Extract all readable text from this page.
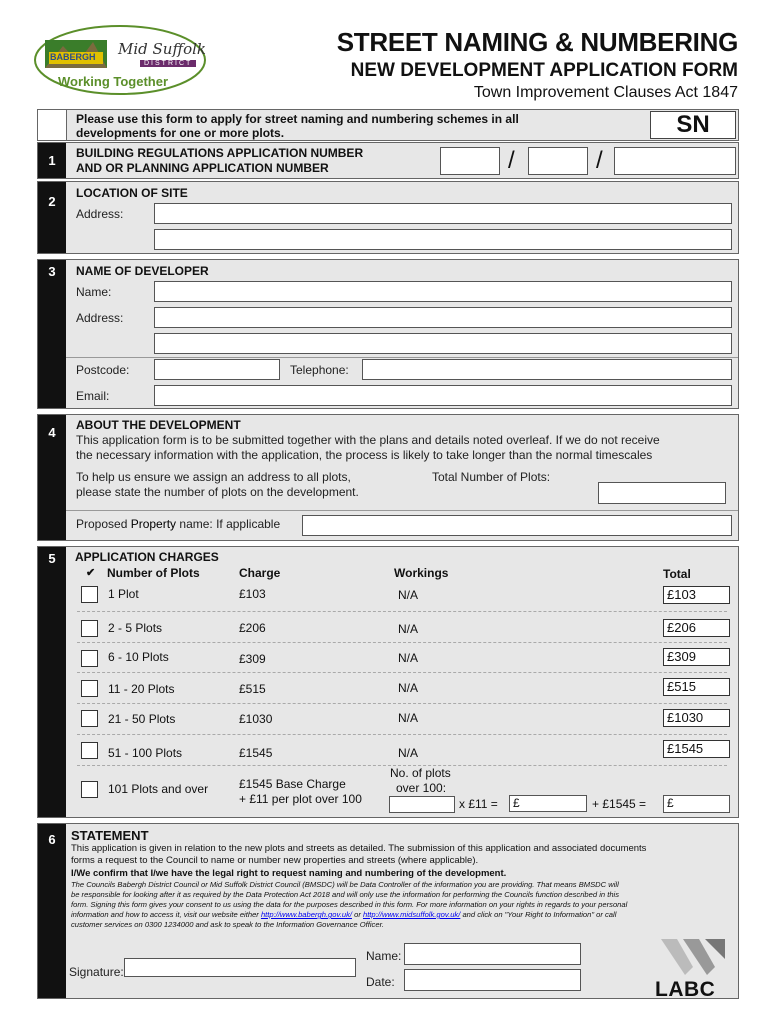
BABERGH Mid Suffolk
DISTRICT
Working Together
STREET NAMING & NUMBERING
NEW DEVELOPMENT APPLICATION FORM
Town Improvement Clauses Act 1847
Please use this form to apply for street naming and numbering schemes in all developments for one or more plots.	SN
1	BUILDING REGULATIONS APPLICATION NUMBER
AND OR PLANNING APPLICATION NUMBER	/	/
2
LOCATION OF SITE
Address:
3	NAME OF DEVELOPER
Name:
Address:
Postcode:	Telephone:
Email:
4	ABOUT THE DEVELOPMENT
This application form is to be submitted together with the plans and details noted overleaf. If we do not receive
the necessary information with the application, the process is likely to take longer than the normal timescales
To help us ensure we assign an address to all plots,
please state the number of plots on the development.
Total Number of Plots:
Proposed Property name: If applicable
5	APPLICATION CHARGES
✔ Number of Plots	Charge	Workings	Total
1 Plot	£103	N/A	£103
2 - 5 Plots	£206	N/A	£206
6 - 10 Plots	£309	N/A	£309
11 - 20 Plots	£515	N/A	£515
21 - 50 Plots	£1030	N/A	£1030
51 - 100 Plots	£1545	N/A	£1545
101 Plots and over	£1545 Base Charge
+ £11 per plot over 100
No. of plots
over 100:
x £11 =	£	+ £1545 =	£
6	STATEMENT
This application is given in relation to the new plots and streets as detailed. The submission of this application and associated documents
forms a request to the Council to name or number new properties and streets (where applicable).
I/We confirm that I/we have the legal right to request naming and numbering of the development.
The Councils Babergh District Council or Mid Suffolk District Council (BMSDC) will be Data Controller of the information you are providing. That means BMSDC will
be responsible for looking after it as required by the Data Protection Act 2018 and will only use the information for performing the Councils function described in this
form. Signing this form gives your consent to us using the data for the purposes described in this form. For more information on your rights in regards to your personal
information and how to access it, visit our website either http://www.babergh.gov.uk/ or http://www.midsuffolk.gov.uk/ and click on "Your Right to Information" or call
customer services on 0300 1234000 and ask to speak to the Information Governance Officer.
Name:
Signature:
Date:	LABC
